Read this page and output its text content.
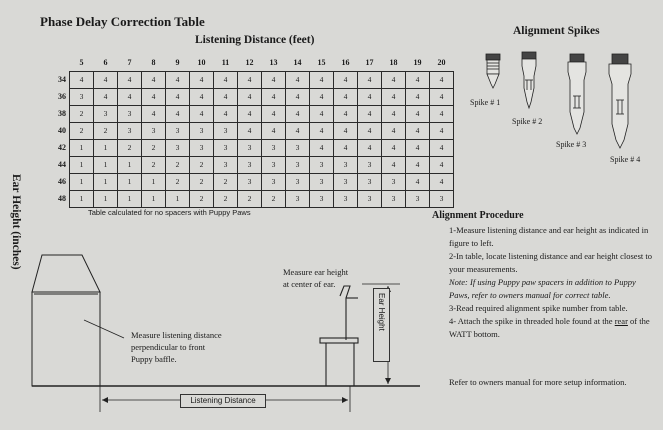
Phase Delay Correction Table
Listening Distance (feet)
Ear Height (inches)
	5	6	7	8	9	10	11	12	13	14	15	16	17	18	19	20
34	4	4	4	4	4	4	4	4	4	4	4	4	4	4	4	4
36	3	4	4	4	4	4	4	4	4	4	4	4	4	4	4	4
38	2	3	3	4	4	4	4	4	4	4	4	4	4	4	4	4
40	2	2	3	3	3	3	3	4	4	4	4	4	4	4	4	4
42	1	1	2	2	3	3	3	3	3	3	4	4	4	4	4	4
44	1	1	1	2	2	2	3	3	3	3	3	3	3	4	4	4
46	1	1	1	1	2	2	2	3	3	3	3	3	3	3	4	4
48	1	1	1	1	1	2	2	2	2	3	3	3	3	3	3	3
Table calculated for no spacers with Puppy Paws
Alignment Spikes
Spike # 1
Spike # 2
Spike # 3
Spike # 4
Alignment Procedure

1-Measure listening distance and ear height as indicated in figure to left.

2-In table, locate listening distance and ear height closest to your measurements.

Note: If using Puppy paw spacers in addition to Puppy Paws, refer to owners manual for correct table.

3-Read required alignment spike number from table.

4- Attach the spike in threaded hole found at the rear of the WATT bottom.

Refer to owners manual for more setup information.
Measure listening distance
perpendicular to front
Puppy baffle.
Measure ear height
at center of ear.
Listening Distance
Ear Height
